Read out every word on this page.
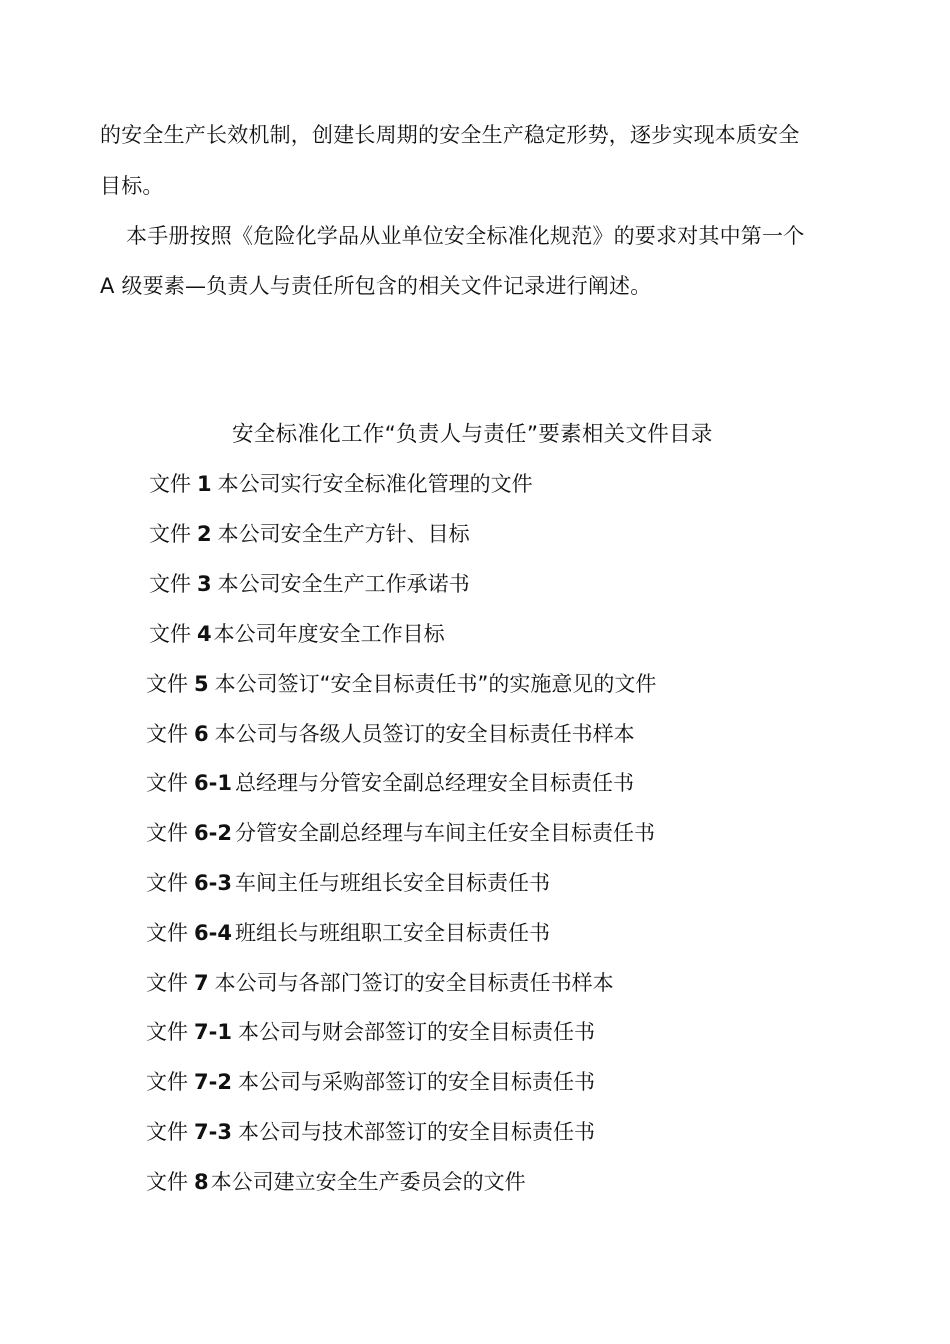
的安全生产长效机制，创建长周期的安全生产稳定形势，逐步实现本质安全
目标。
本手册按照《危险化学品从业单位安全标准化规范》的要求对其中第一个
A 级要素—负责人与责任所包含的相关文件记录进行阐述。
安全标准化工作“负责人与责任”要素相关文件目录
文件 1 本公司实行安全标准化管理的文件
文件 2 本公司安全生产方针、目标
文件 3 本公司安全生产工作承诺书
文件 4本公司年度安全工作目标
文件 5 本公司签订“安全目标责任书”的实施意见的文件
文件 6 本公司与各级人员签订的安全目标责任书样本
文件 6-1 总经理与分管安全副总经理安全目标责任书
文件 6-2 分管安全副总经理与车间主任安全目标责任书
文件 6-3 车间主任与班组长安全目标责任书
文件 6-4 班组长与班组职工安全目标责任书
文件 7 本公司与各部门签订的安全目标责任书样本
文件 7-1 本公司与财会部签订的安全目标责任书
文件 7-2 本公司与采购部签订的安全目标责任书
文件 7-3 本公司与技术部签订的安全目标责任书
文件 8本公司建立安全生产委员会的文件
